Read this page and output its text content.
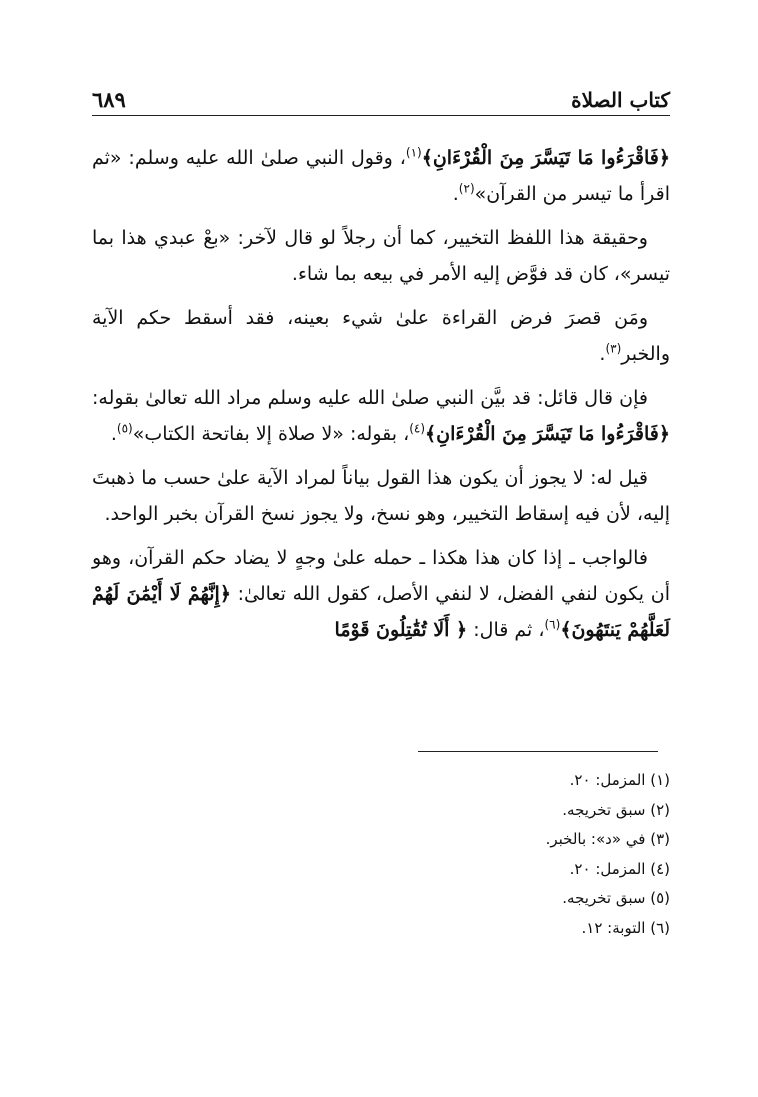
كتاب الصلاة
٦٨٩

﴿فَاقْرَءُوا مَا تَيَسَّرَ مِنَ الْقُرْءَانِ﴾$^{(١)}$، وقول النبي صلىٰ الله عليه وسلم: «ثم اقرأ ما تيسر من القرآن»$^{(٢)}$.

وحقيقة هذا اللفظ التخيير، كما أن رجلاً لو قال لآخر: «بعْ عبدي هذا بما تيسر»، كان قد فوَّض إليه الأمر في بيعه بما شاء.

ومَن قصرَ فرض القراءة علىٰ شيء بعينه، فقد أسقط حكم الآية والخبر$^{(٣)}$.

فإن قال قائل: قد بيَّن النبي صلىٰ الله عليه وسلم مراد الله تعالىٰ بقوله: ﴿فَاقْرَءُوا مَا تَيَسَّرَ مِنَ الْقُرْءَانِ﴾$^{(٤)}$، بقوله: «لا صلاة إلا بفاتحة الكتاب»$^{(٥)}$.

قيل له: لا يجوز أن يكون هذا القول بياناً لمراد الآية علىٰ حسب ما ذهبتَ إليه، لأن فيه إسقاط التخيير، وهو نسخ، ولا يجوز نسخ القرآن بخبر الواحد.

فالواجب ـ إذا كان هذا هكذا ـ حمله علىٰ وجهٍ لا يضاد حكم القرآن، وهو أن يكون لنفي الفضل، لا لنفي الأصل، كقول الله تعالىٰ: ﴿إِنَّهُمْ لَا أَيْمَٰنَ لَهُمْ لَعَلَّهُمْ يَنتَهُونَ﴾$^{(٦)}$، ثم قال: ﴿ أَلَا تُقَٰتِلُونَ قَوْمًا

(١) المزمل: ٢٠.
(٢) سبق تخريجه.
(٣) في «د»: بالخبر.
(٤) المزمل: ٢٠.
(٥) سبق تخريجه.
(٦) التوبة: ١٢.
